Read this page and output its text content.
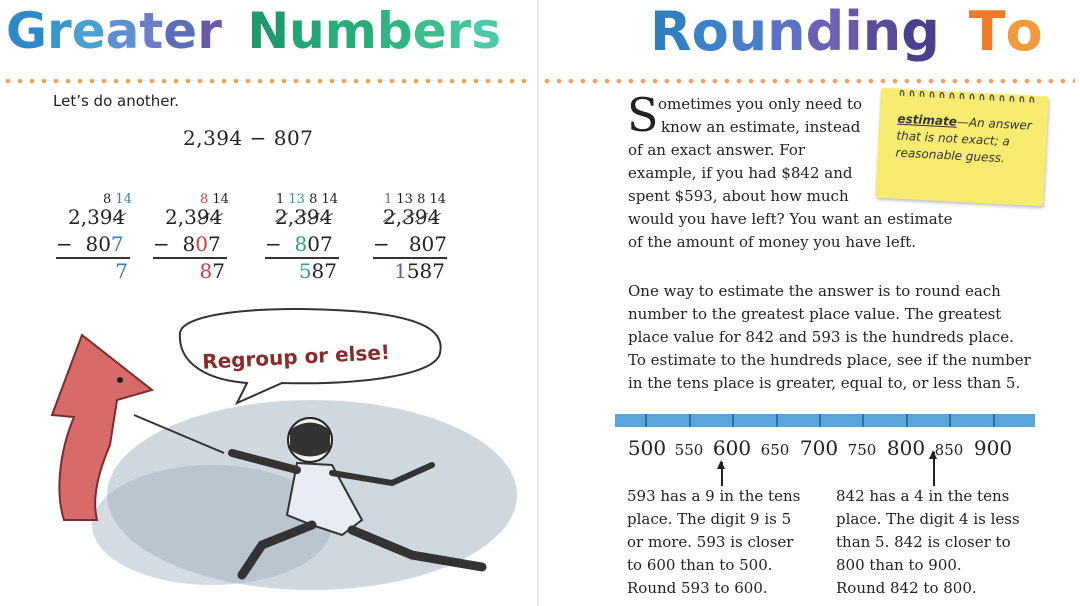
Greater Numbers
Let’s do another.
2,394 − 807
8 14
2,394
−  807
7
8 14
2,394
−  807
87
1 13 8 14
2,394
−  807
587
1 13 8 14
2,394
−   807
1587
Regroup or else!
Rounding To
S ometimes you only need to
know an estimate, instead
of an exact answer. For
example, if you had $842 and
spent $593, about how much
would you have left? You want an estimate
of the amount of money you have left.
estimate—An answer that is not exact; a reasonable guess.
One way to estimate the answer is to round each
number to the greatest place value. The greatest
place value for 842 and 593 is the hundreds place.
To estimate to the hundreds place, see if the number
in the tens place is greater, equal to, or less than 5.
500 550 600 650 700 750 800 850 900
593 has a 9 in the tens
place. The digit 9 is 5
or more. 593 is closer
to 600 than to 500.
Round 593 to 600.
842 has a 4 in the tens
place. The digit 4 is less
than 5. 842 is closer to
800 than to 900.
Round 842 to 800.
